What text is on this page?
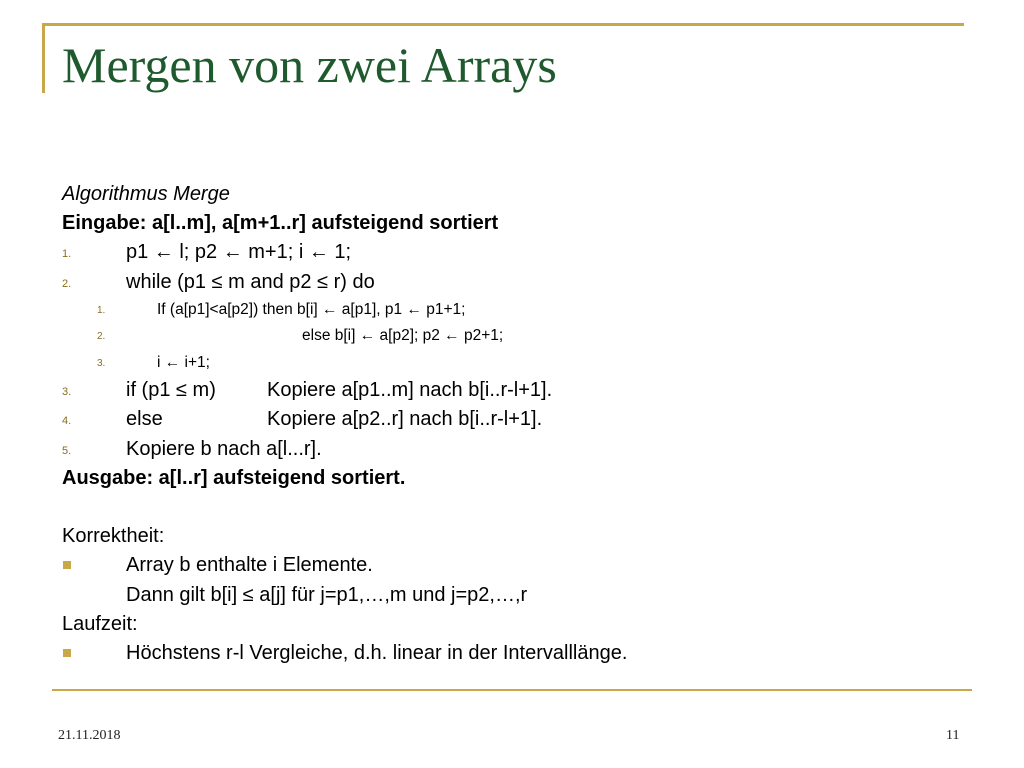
Mergen von zwei Arrays
Algorithmus Merge
Eingabe: a[l..m], a[m+1..r] aufsteigend sortiert
1.	p1 ← l; p2 ← m+1; i ← 1;
2.	while (p1 ≤ m and p2 ≤ r) do
1.	If (a[p1]<a[p2]) then b[i] ← a[p1], p1 ← p1+1;
2.	else b[i] ← a[p2]; p2 ← p2+1;
3.	i ← i+1;
3.	if (p1 ≤ m)	Kopiere a[p1..m] nach b[i..r-l+1].
4.	else	Kopiere a[p2..r] nach b[i..r-l+1].
5.	Kopiere b nach a[l...r].
Ausgabe: a[l..r] aufsteigend sortiert.
Korrektheit:
Array b enthalte i Elemente.
Dann gilt b[i] ≤ a[j] für j=p1,…,m und j=p2,…,r
Laufzeit:
Höchstens r-l Vergleiche, d.h. linear in der Intervalllänge.
21.11.2018	11
